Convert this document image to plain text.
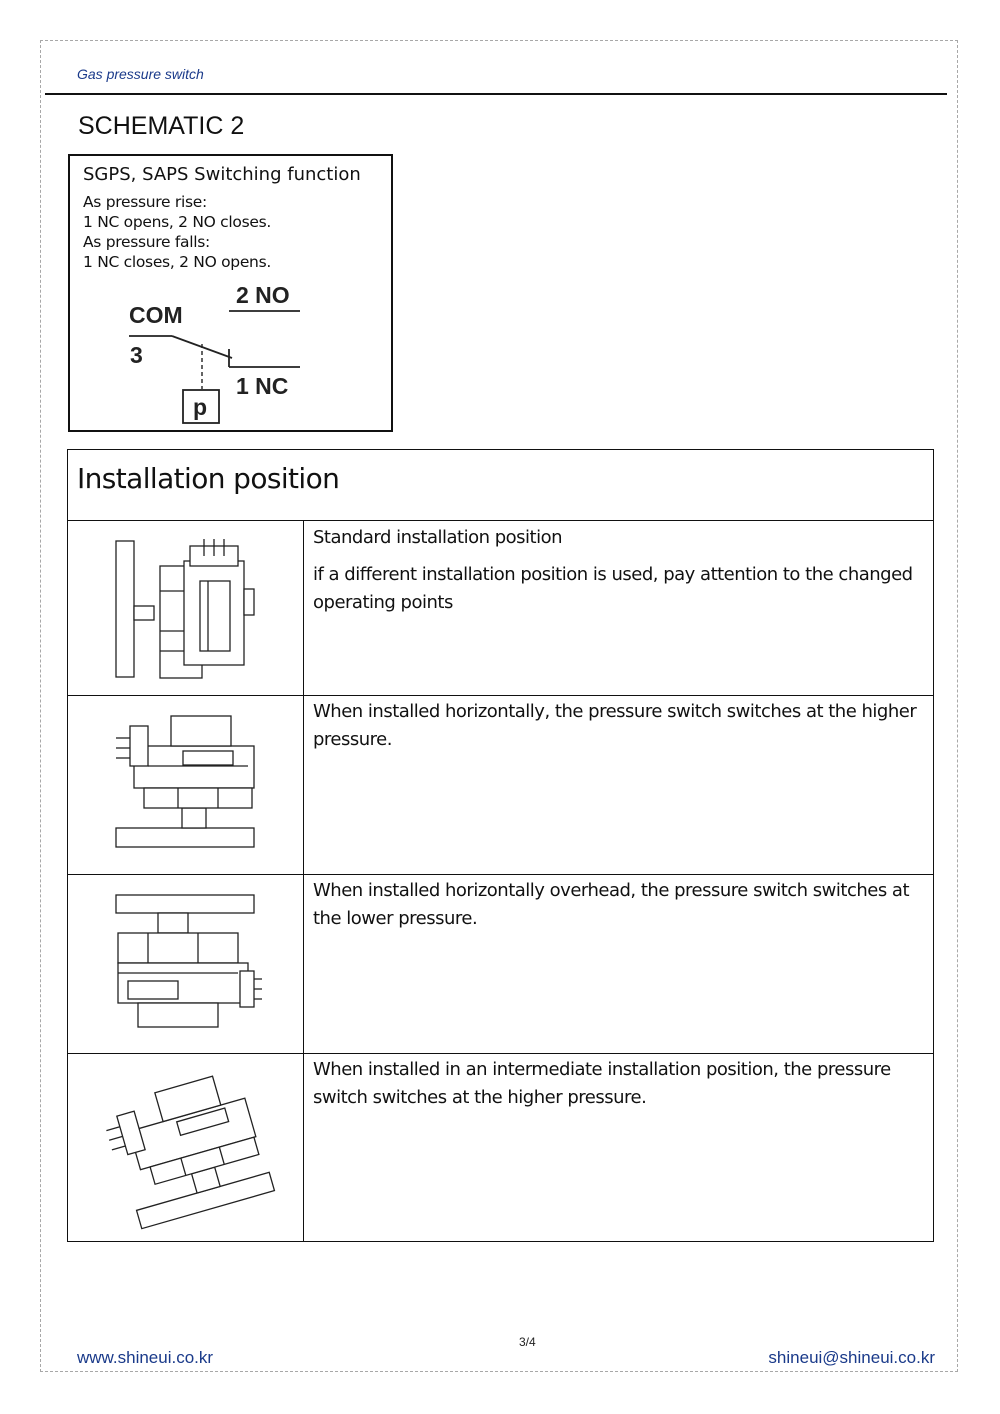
Gas pressure switch
SCHEMATIC 2
SGPS, SAPS Switching function
As pressure rise:
1 NC opens, 2 NO closes.
As pressure falls:
1 NC closes, 2 NO opens.
2 NO
COM
3
1 NC
p
Installation position

Standard installation position

if a different installation position is used, pay attention to the changed operating points

When installed horizontally, the pressure switch switches at the higher pressure.

When installed horizontally overhead, the pressure switch switches at the lower pressure.

When installed in an intermediate installation position, the pressure switch switches at the higher pressure.

3/4
www.shineui.co.kr	shineui@shineui.co.kr
